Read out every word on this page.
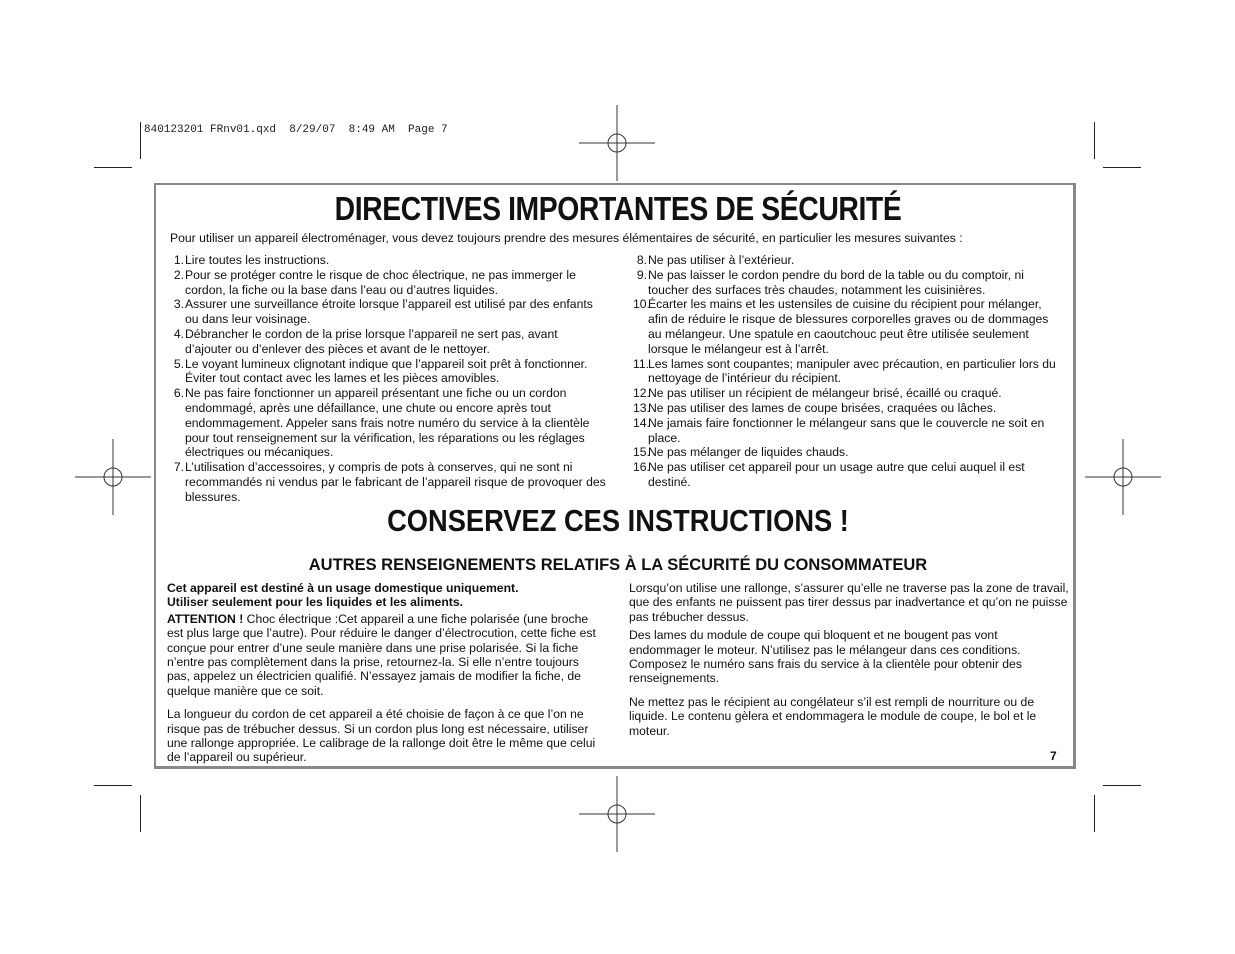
840123201 FRnv01.qxd  8/29/07  8:49 AM  Page 7
DIRECTIVES IMPORTANTES DE SÉCURITÉ

Pour utiliser un appareil électroménager, vous devez toujours prendre des mesures élémentaires de sécurité, en particulier les mesures suivantes :

1. Lire toutes les instructions.
2. Pour se protéger contre le risque de choc électrique, ne pas immerger le cordon, la fiche ou la base dans l’eau ou d’autres liquides.
3. Assurer une surveillance étroite lorsque l’appareil est utilisé par des enfants ou dans leur voisinage.
4. Débrancher le cordon de la prise lorsque l’appareil ne sert pas, avant d’ajouter ou d’enlever des pièces et avant de le nettoyer.
5. Le voyant lumineux clignotant indique que l’appareil soit prêt à fonctionner. Éviter tout contact avec les lames et les pièces amovibles.
6. Ne pas faire fonctionner un appareil présentant une fiche ou un cordon endommagé, après une défaillance, une chute ou encore après tout endommagement. Appeler sans frais notre numéro du service à la clientèle pour tout renseignement sur la vérification, les réparations ou les réglages électriques ou mécaniques.
7. L’utilisation d’accessoires, y compris de pots à conserves, qui ne sont ni recommandés ni vendus par le fabricant de l’appareil risque de provoquer des blessures.
8. Ne pas utiliser à l’extérieur.
9. Ne pas laisser le cordon pendre du bord de la table ou du comptoir, ni toucher des surfaces très chaudes, notamment les cuisinières.
10.
Écarter les mains et les ustensiles de cuisine du récipient pour mélanger, afin de réduire le risque de blessures corporelles graves ou de dommages au mélangeur. Une spatule en caoutchouc peut être utilisée seulement lorsque le mélangeur est à l’arrêt.
11.
Les lames sont coupantes; manipuler avec précaution, en particulier lors du nettoyage de l’intérieur du récipient.
12.
Ne pas utiliser un récipient de mélangeur brisé, écaillé ou craqué.
13.
Ne pas utiliser des lames de coupe brisées, craquées ou lâches.
14.
Ne jamais faire fonctionner le mélangeur sans que le couvercle ne soit en place.
15.
Ne pas mélanger de liquides chauds.
16.
Ne pas utiliser cet appareil pour un usage autre que celui auquel il est destiné.
CONSERVEZ CES INSTRUCTIONS !
AUTRES RENSEIGNEMENTS RELATIFS À LA SÉCURITÉ DU CONSOMMATEUR

Cet appareil est destiné à un usage domestique uniquement.
Utiliser seulement pour les liquides et les aliments.

ATTENTION ! Choc électrique :Cet appareil a une fiche polarisée (une broche est plus large que l’autre). Pour réduire le danger d’électrocution, cette fiche est conçue pour entrer d’une seule manière dans une prise polarisée. Si la fiche n’entre pas complètement dans la prise, retournez-la. Si elle n’entre toujours pas, appelez un électricien qualifié. N’essayez jamais de modifier la fiche, de quelque manière que ce soit.

La longueur du cordon de cet appareil a été choisie de façon à ce que l’on ne risque pas de trébucher dessus. Si un cordon plus long est nécessaire, utiliser une rallonge appropriée. Le calibrage de la rallonge doit être le même que celui de l’appareil ou supérieur.

Lorsqu’on utilise une rallonge, s’assurer qu’elle ne traverse pas la zone de travail, que des enfants ne puissent pas tirer dessus par inadvertance et qu’on ne puisse pas trébucher dessus.

Des lames du module de coupe qui bloquent et ne bougent pas vont endommager le moteur. N’utilisez pas le mélangeur dans ces conditions. Composez le numéro sans frais du service à la clientèle pour obtenir des renseignements.

Ne mettez pas le récipient au congélateur s’il est rempli de nourriture ou de liquide. Le contenu gèlera et endommagera le module de coupe, le bol et le moteur.

7
